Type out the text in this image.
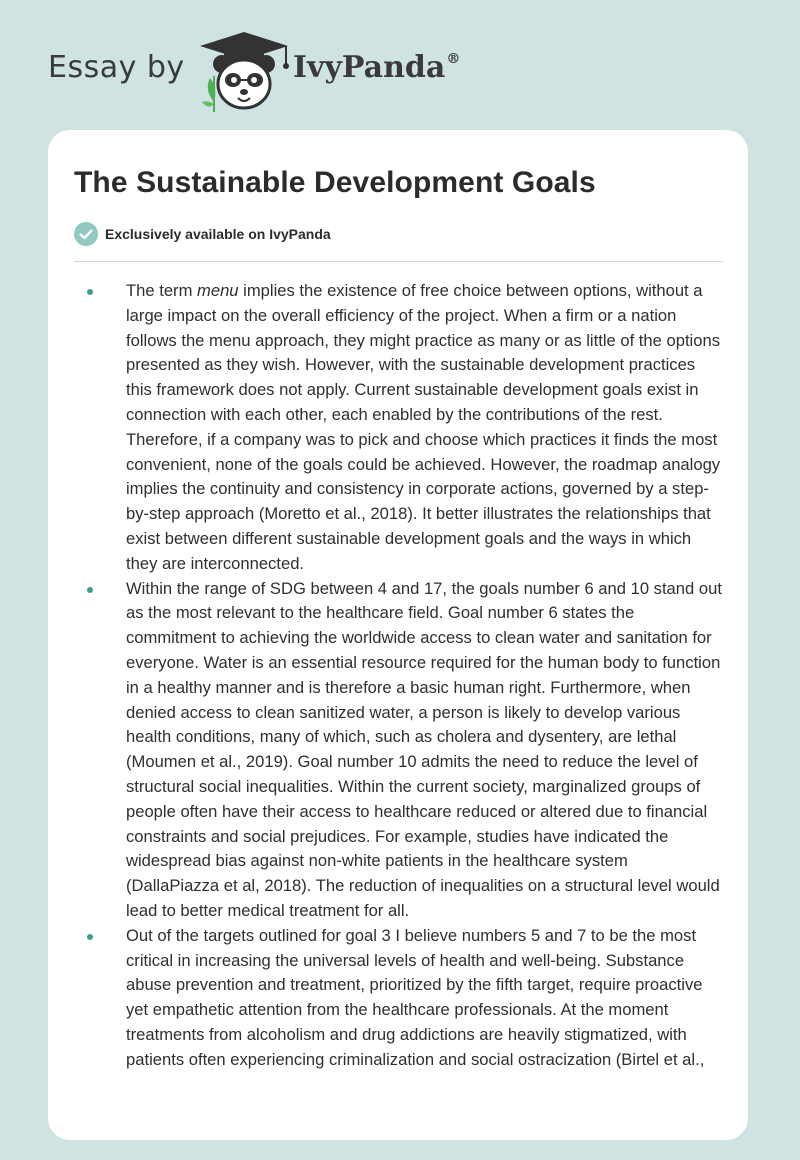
Essay by	IvyPanda®
The Sustainable Development Goals
Exclusively available on IvyPanda
The term menu implies the existence of free choice between options, without a large impact on the overall efficiency of the project. When a firm or a nation follows the menu approach, they might practice as many or as little of the options presented as they wish. However, with the sustainable development practices this framework does not apply. Current sustainable development goals exist in connection with each other, each enabled by the contributions of the rest. Therefore, if a company was to pick and choose which practices it finds the most convenient, none of the goals could be achieved. However, the roadmap analogy implies the continuity and consistency in corporate actions, governed by a step-by-step approach (Moretto et al., 2018). It better illustrates the relationships that exist between different sustainable development goals and the ways in which they are interconnected.
Within the range of SDG between 4 and 17, the goals number 6 and 10 stand out as the most relevant to the healthcare field. Goal number 6 states the commitment to achieving the worldwide access to clean water and sanitation for everyone. Water is an essential resource required for the human body to function in a healthy manner and is therefore a basic human right. Furthermore, when denied access to clean sanitized water, a person is likely to develop various health conditions, many of which, such as cholera and dysentery, are lethal (Moumen et al., 2019). Goal number 10 admits the need to reduce the level of structural social inequalities. Within the current society, marginalized groups of people often have their access to healthcare reduced or altered due to financial constraints and social prejudices. For example, studies have indicated the widespread bias against non-white patients in the healthcare system (DallaPiazza et al, 2018). The reduction of inequalities on a structural level would lead to better medical treatment for all.
Out of the targets outlined for goal 3 I believe numbers 5 and 7 to be the most critical in increasing the universal levels of health and well-being. Substance abuse prevention and treatment, prioritized by the fifth target, require proactive yet empathetic attention from the healthcare professionals. At the moment treatments from alcoholism and drug addictions are heavily stigmatized, with patients often experiencing criminalization and social ostracization (Birtel et al.,
